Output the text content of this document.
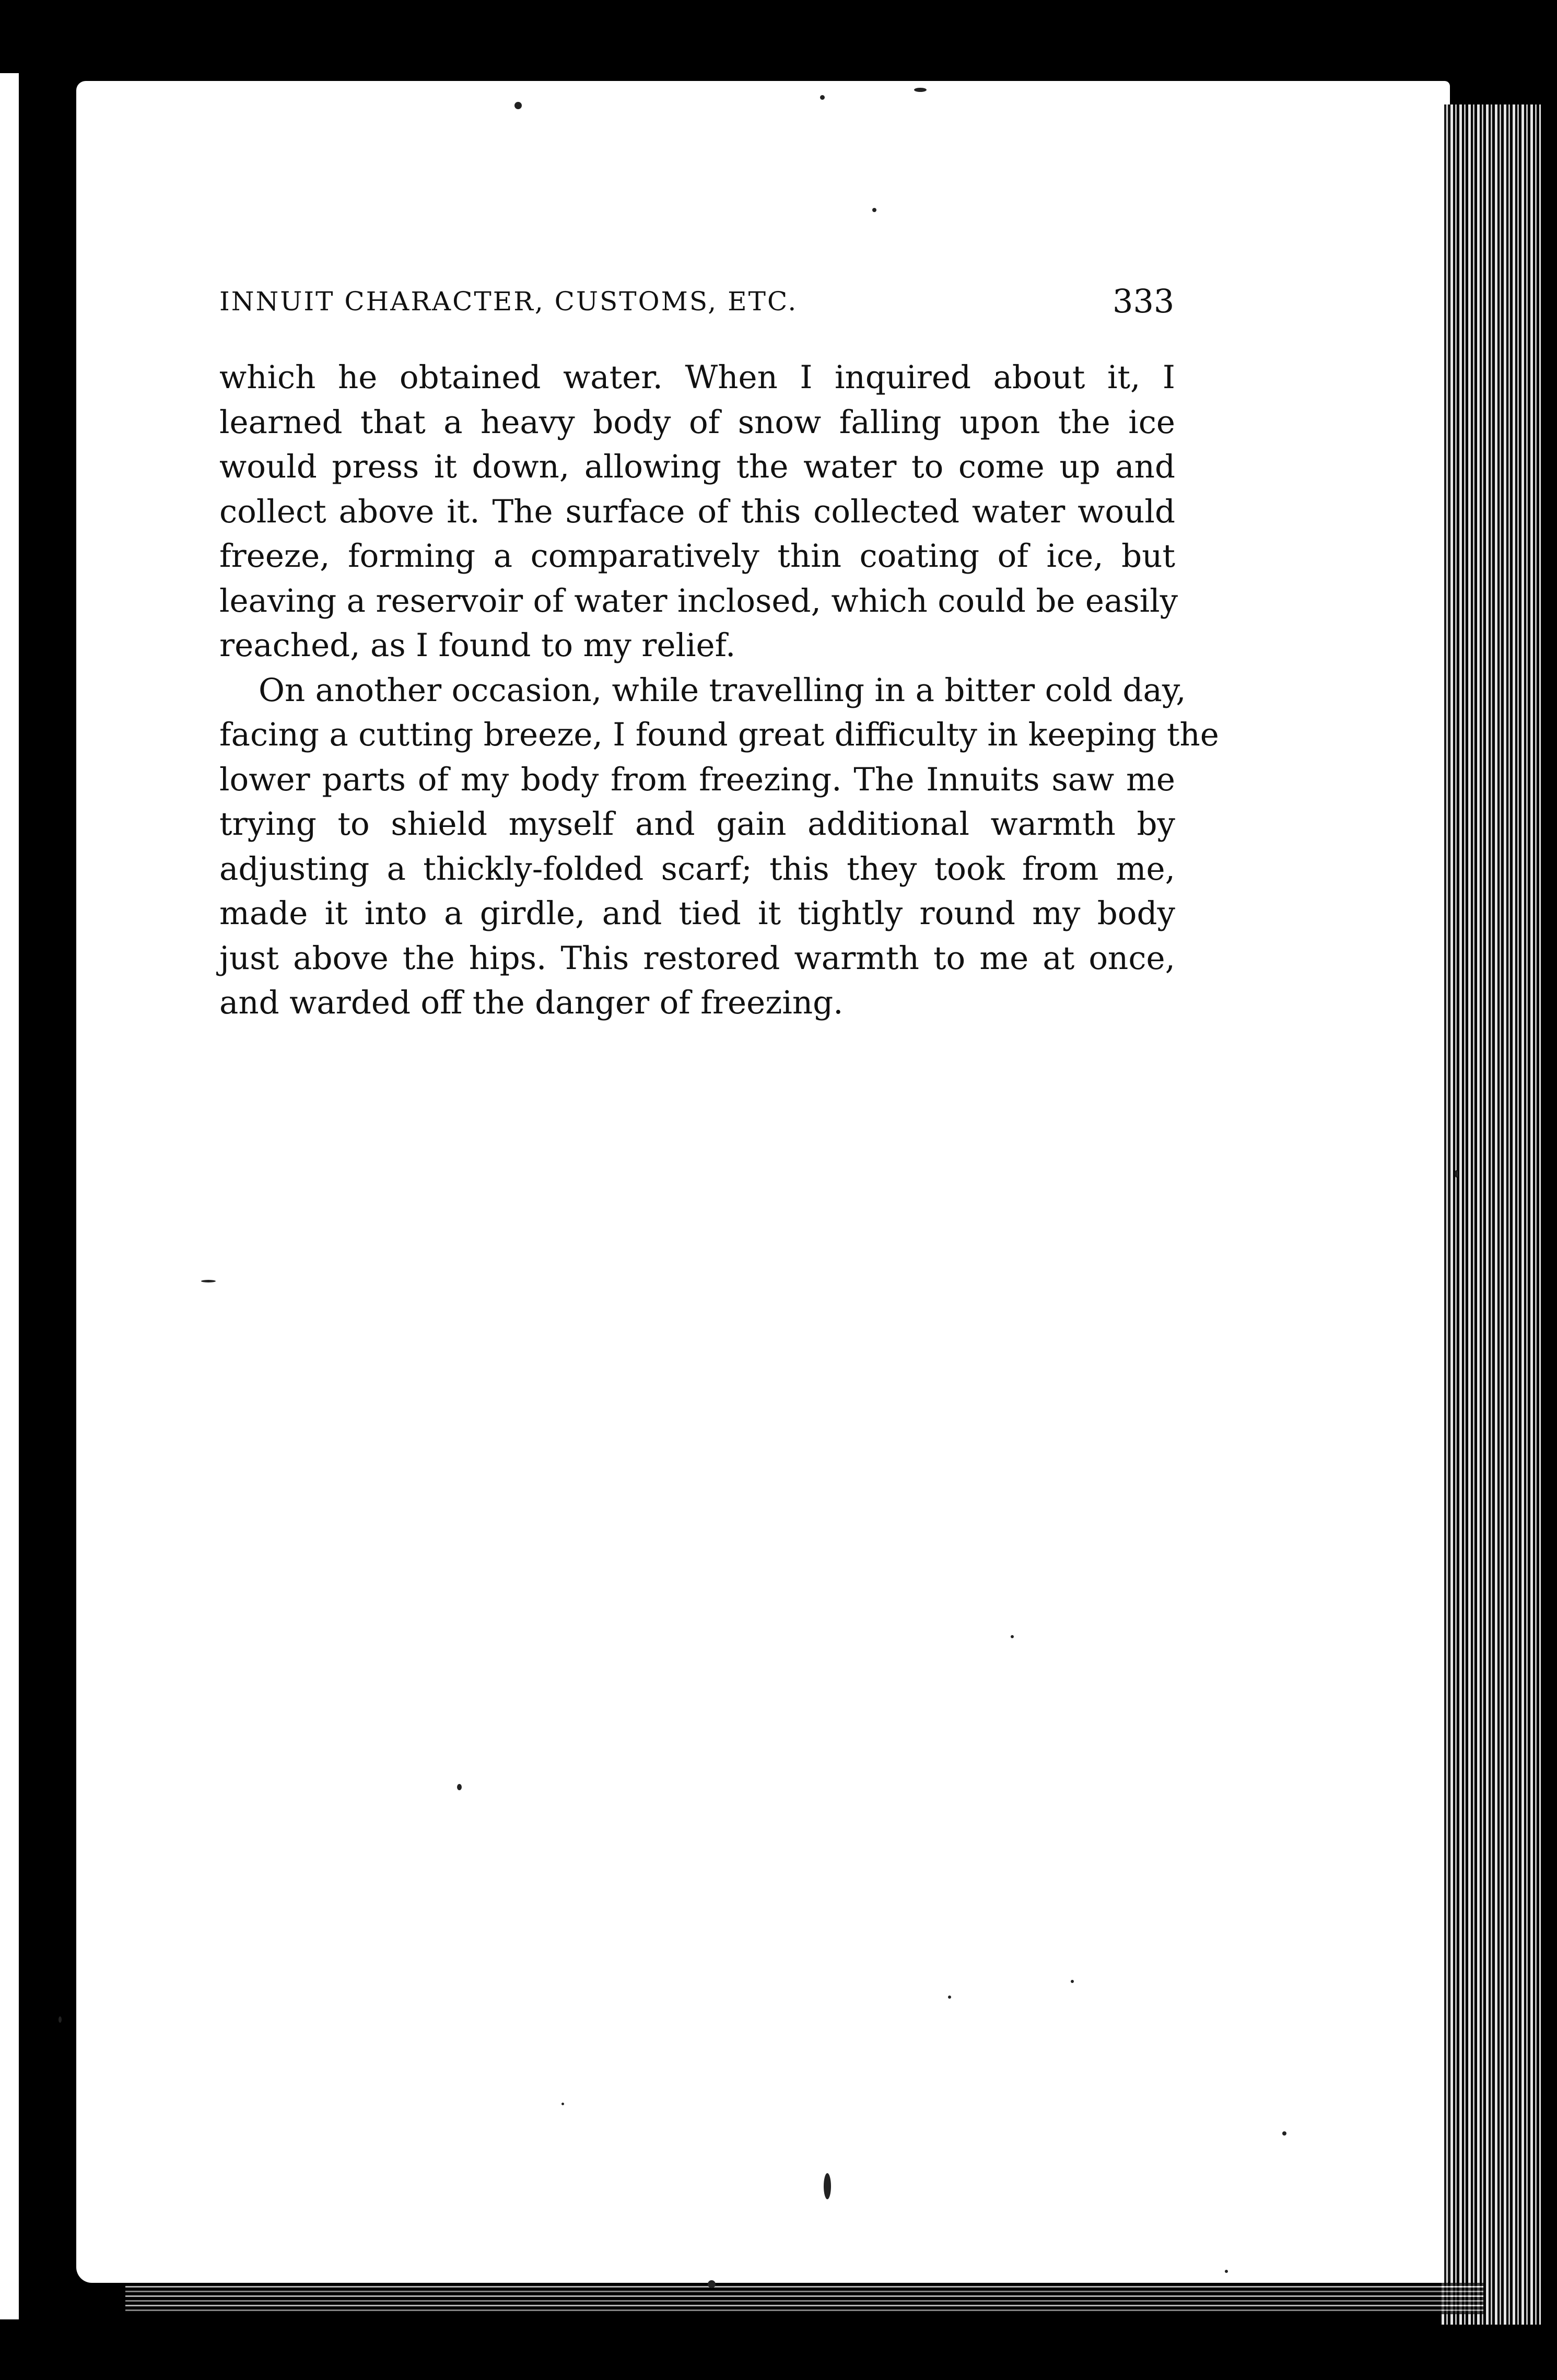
INNUIT CHARACTER, CUSTOMS, ETC.	333
which he obtained water. When I inquired about it, I
learned that a heavy body of snow falling upon the ice
would press it down, allowing the water to come up and
collect above it. The surface of this collected water would
freeze, forming a comparatively thin coating of ice, but
leaving a reservoir of water inclosed, which could be easily
reached, as I found to my relief.
On another occasion, while travelling in a bitter cold day,
facing a cutting breeze, I found great difficulty in keeping the
lower parts of my body from freezing. The Innuits saw me
trying to shield myself and gain additional warmth by
adjusting a thickly-folded scarf; this they took from me,
made it into a girdle, and tied it tightly round my body
just above the hips. This restored warmth to me at once,
and warded off the danger of freezing.
